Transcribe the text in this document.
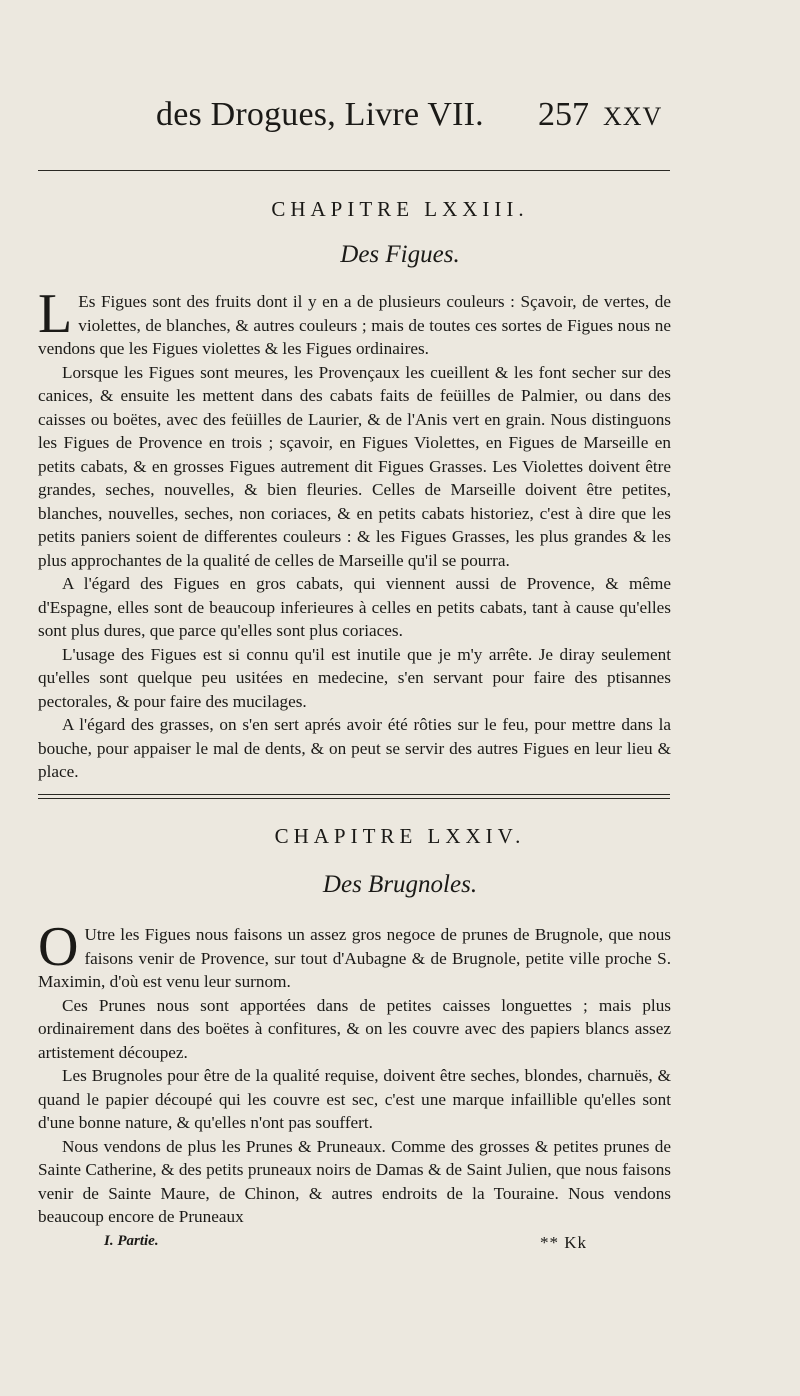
des Drogues, Livre VII. 257 XXV
CHAPITRE LXXIII.
Des Figues.

L Es Figues sont des fruits dont il y en a de plusieurs couleurs : Sçavoir, de vertes, de violettes, de blanches, & autres couleurs ; mais de toutes ces sortes de Figues nous ne vendons que les Figues violettes & les Figues ordinaires.

Lorsque les Figues sont meures, les Provençaux les cueillent & les font secher sur des canices, & ensuite les mettent dans des cabats faits de feüilles de Palmier, ou dans des caisses ou boëtes, avec des feüilles de Laurier, & de l'Anis vert en grain. Nous distinguons les Figues de Provence en trois ; sçavoir, en Figues Violettes, en Figues de Marseille en petits cabats, & en grosses Figues autrement dit Figues Grasses. Les Violettes doivent être grandes, seches, nouvelles, & bien fleuries. Celles de Marseille doivent être petites, blanches, nouvelles, seches, non coriaces, & en petits cabats historiez, c'est à dire que les petits paniers soient de differentes couleurs : & les Figues Grasses, les plus grandes & les plus approchantes de la qualité de celles de Marseille qu'il se pourra.

A l'égard des Figues en gros cabats, qui viennent aussi de Provence, & même d'Espagne, elles sont de beaucoup inferieures à celles en petits cabats, tant à cause qu'elles sont plus dures, que parce qu'elles sont plus coriaces.

L'usage des Figues est si connu qu'il est inutile que je m'y arrête. Je diray seulement qu'elles sont quelque peu usitées en medecine, s'en servant pour faire des ptisannes pectorales, & pour faire des mucilages.

A l'égard des grasses, on s'en sert aprés avoir été rôties sur le feu, pour mettre dans la bouche, pour appaiser le mal de dents, & on peut se servir des autres Figues en leur lieu & place.

CHAPITRE LXXIV.
Des Brugnoles.

O Utre les Figues nous faisons un assez gros negoce de prunes de Brugnole, que nous faisons venir de Provence, sur tout d'Aubagne & de Brugnole, petite ville proche S. Maximin, d'où est venu leur surnom.

Ces Prunes nous sont apportées dans de petites caisses longuettes ; mais plus ordinairement dans des boëtes à confitures, & on les couvre avec des papiers blancs assez artistement découpez.

Les Brugnoles pour être de la qualité requise, doivent être seches, blondes, charnuës, & quand le papier découpé qui les couvre est sec, c'est une marque infaillible qu'elles sont d'une bonne nature, & qu'elles n'ont pas souffert.

Nous vendons de plus les Prunes & Pruneaux. Comme des grosses & petites prunes de Sainte Catherine, & des petits pruneaux noirs de Damas & de Saint Julien, que nous faisons venir de Sainte Maure, de Chinon, & autres endroits de la Touraine. Nous vendons beaucoup encore de Pruneaux

I. Partie.	** Kk
